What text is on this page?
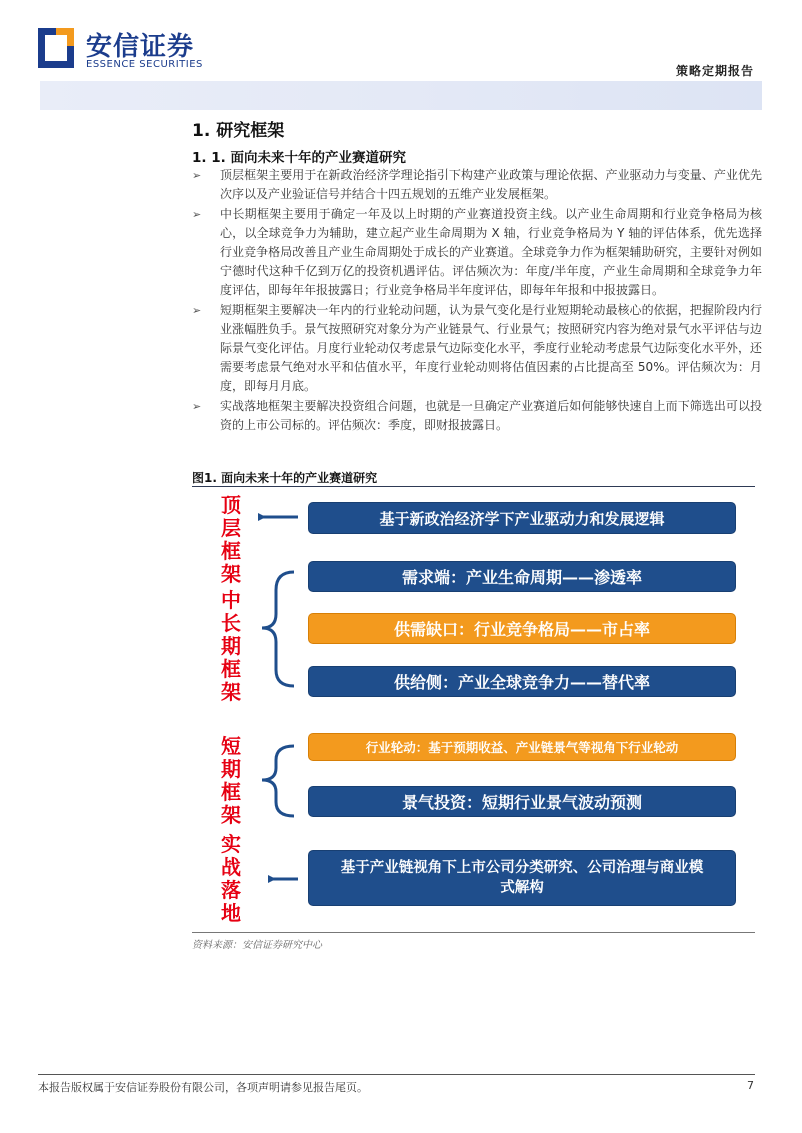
安信证券
ESSENCE SECURITIES	策略定期报告
1. 研究框架
1. 1. 面向未来十年的产业赛道研究
➢ 顶层框架主要用于在新政治经济学理论指引下构建产业政策与理论依据、产业驱动力与变量、产业优先次序以及产业验证信号并结合十四五规划的五维产业发展框架。
➢ 中长期框架主要用于确定一年及以上时期的产业赛道投资主线。以产业生命周期和行业竞争格局为核心，以全球竞争力为辅助，建立起产业生命周期为 X 轴，行业竞争格局为 Y 轴的评估体系，优先选择行业竞争格局改善且产业生命周期处于成长的产业赛道。全球竞争力作为框架辅助研究，主要针对例如宁德时代这种千亿到万亿的投资机遇评估。评估频次为：年度/半年度，产业生命周期和全球竞争力年度评估，即每年年报披露日；行业竞争格局半年度评估，即每年年报和中报披露日。
➢ 短期框架主要解决一年内的行业轮动问题，认为景气变化是行业短期轮动最核心的依据，把握阶段内行业涨幅胜负手。景气按照研究对象分为产业链景气、行业景气；按照研究内容为绝对景气水平评估与边际景气变化评估。月度行业轮动仅考虑景气边际变化水平，季度行业轮动考虑景气边际变化水平外，还需要考虑景气绝对水平和估值水平，年度行业轮动则将估值因素的占比提高至 50%。评估频次为：月度，即每月月底。
➢ 实战落地框架主要解决投资组合问题，也就是一旦确定产业赛道后如何能够快速自上而下筛选出可以投资的上市公司标的。评估频次：季度，即财报披露日。
图1. 面向未来十年的产业赛道研究
顶层框架
中长期框架
短期框架
实战落地
基于新政治经济学下产业驱动力和发展逻辑
需求端：产业生命周期——渗透率
供需缺口：行业竞争格局——市占率
供给侧：产业全球竞争力——替代率
行业轮动：基于预期收益、产业链景气等视角下行业轮动
景气投资：短期行业景气波动预测
基于产业链视角下上市公司分类研究、公司治理与商业模式解构
资料来源：安信证券研究中心
本报告版权属于安信证券股份有限公司，各项声明请参见报告尾页。	7
